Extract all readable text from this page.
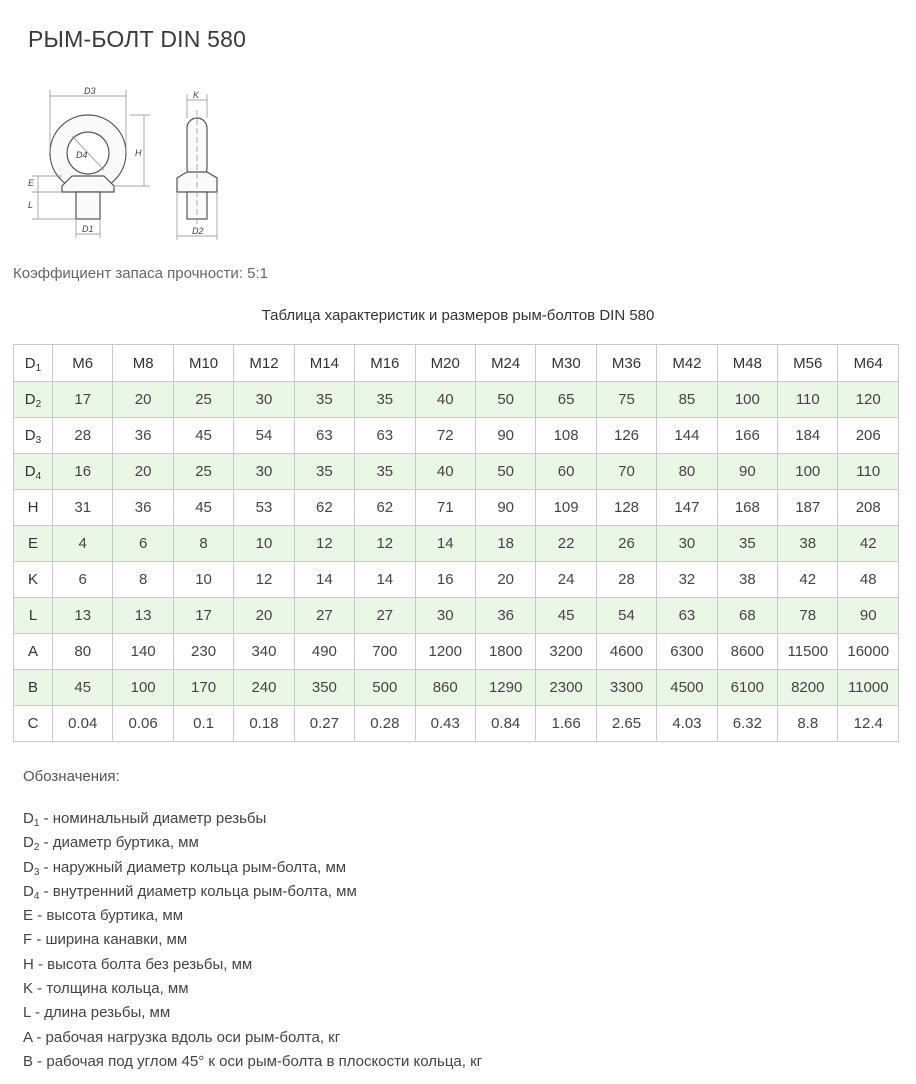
РЫМ-БОЛТ DIN 580
D3
D4	H
E
L
D1	D2
K
Коэффициент запаса прочности: 5:1
Таблица характеристик и размеров рым-болтов DIN 580
$D_1$	M6	M8	M10	M12	M14	M16	M20	M24	M30	M36	M42	M48	M56	M64
$D_2$	17	20	25	30	35	35	40	50	65	75	85	100	110	120
$D_3$	28	36	45	54	63	63	72	90	108	126	144	166	184	206
$D_4$	16	20	25	30	35	35	40	50	60	70	80	90	100	110
H	31	36	45	53	62	62	71	90	109	128	147	168	187	208
E	4	6	8	10	12	12	14	18	22	26	30	35	38	42
K	6	8	10	12	14	14	16	20	24	28	32	38	42	48
L	13	13	17	20	27	27	30	36	45	54	63	68	78	90
A	80	140	230	340	490	700	1200	1800	3200	4600	6300	8600	11500	16000
B	45	100	170	240	350	500	860	1290	2300	3300	4500	6100	8200	11000
C	0.04	0.06	0.1	0.18	0.27	0.28	0.43	0.84	1.66	2.65	4.03	6.32	8.8	12.4
Обозначения:
$D_1$ - номинальный диаметр резьбы
$D_2$ - диаметр буртика, мм
$D_3$ - наружный диаметр кольца рым-болта, мм
$D_4$ - внутренний диаметр кольца рым-болта, мм
E - высота буртика, мм
F - ширина канавки, мм
H - высота болта без резьбы, мм
K - толщина кольца, мм
L - длина резьбы, мм
A - рабочая нагрузка вдоль оси рым-болта, кг
B - рабочая под углом 45° к оси рым-болта в плоскости кольца, кг
